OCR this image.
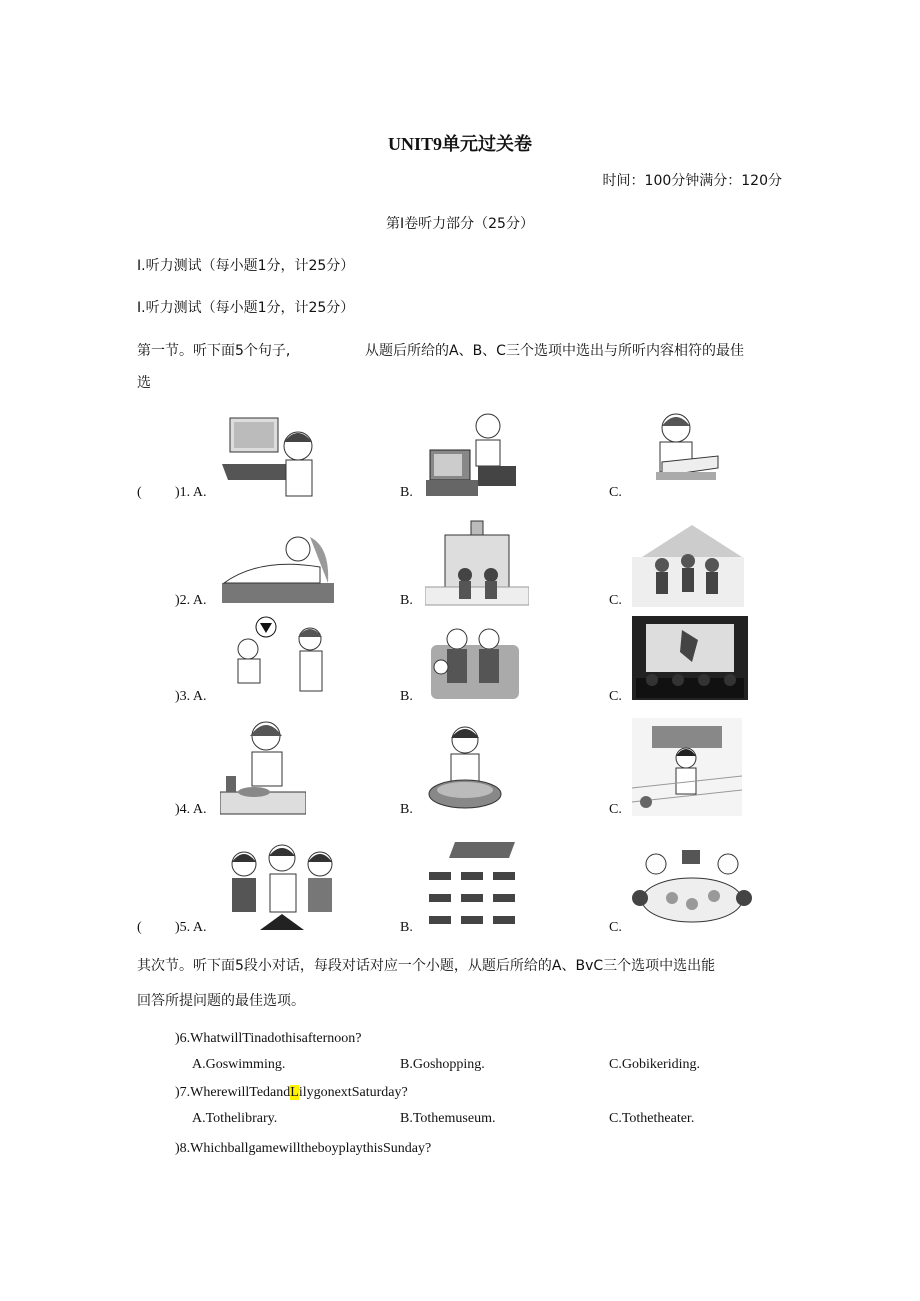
UNIT9单元过关卷
时间：100分钟满分：120分
第Ⅰ卷听力部分（25分）
Ⅰ.听力测试（每小题1分，计25分）
Ⅰ.听力测试（每小题1分，计25分）
第一节。听下面5个句子,	从题后所给的A、B、C三个选项中选出与所听内容相符的最佳
选
( )1. A.	B.	C.
)2. A.	B.	C.
)3. A.	B.	C.
)4. A.	B.	C.
( )5. A.	B.	C.
其次节。听下面5段小对话，每段对话对应一个小题，从题后所给的A、BvC三个选项中选出能
回答所提问题的最佳选项。
)6.WhatwillTinadothisafternoon?
A.Goswimming.	B.Goshopping.	C.Gobikeriding.
)7.WherewillTedandLilygonextSaturday?
A.Tothelibrary.	B.Tothemuseum.	C.Tothetheater.
)8.WhichballgamewilltheboyplaythisSunday?
